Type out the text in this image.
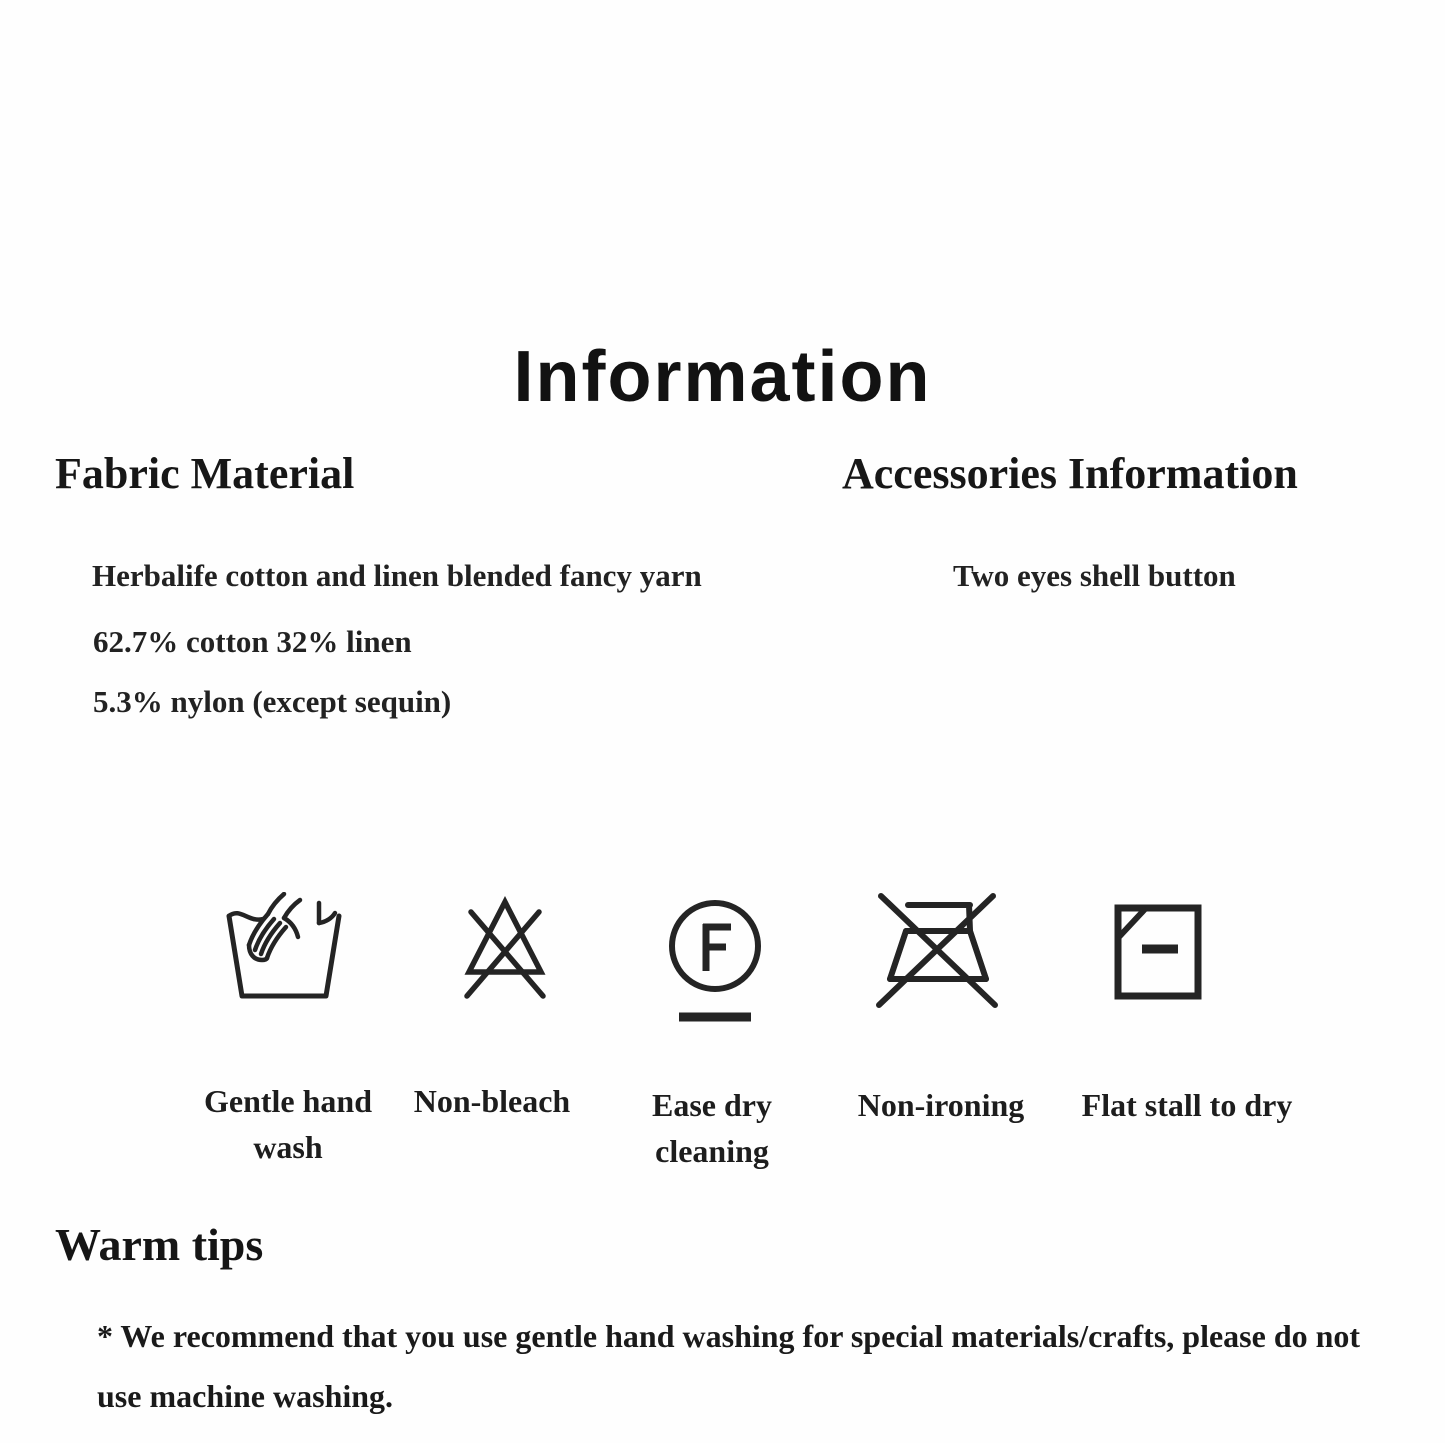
Information
Fabric Material	Accessories Information
Herbalife cotton and linen blended fancy yarn
62.7% cotton 32% linen
5.3% nylon (except sequin)
Two eyes shell button
Gentle hand wash
Non-bleach	Ease dry cleaning
Non-ironing	Flat stall to dry
Warm tips
* We recommend that you use gentle hand washing for special materials/crafts, please do not use machine washing.
